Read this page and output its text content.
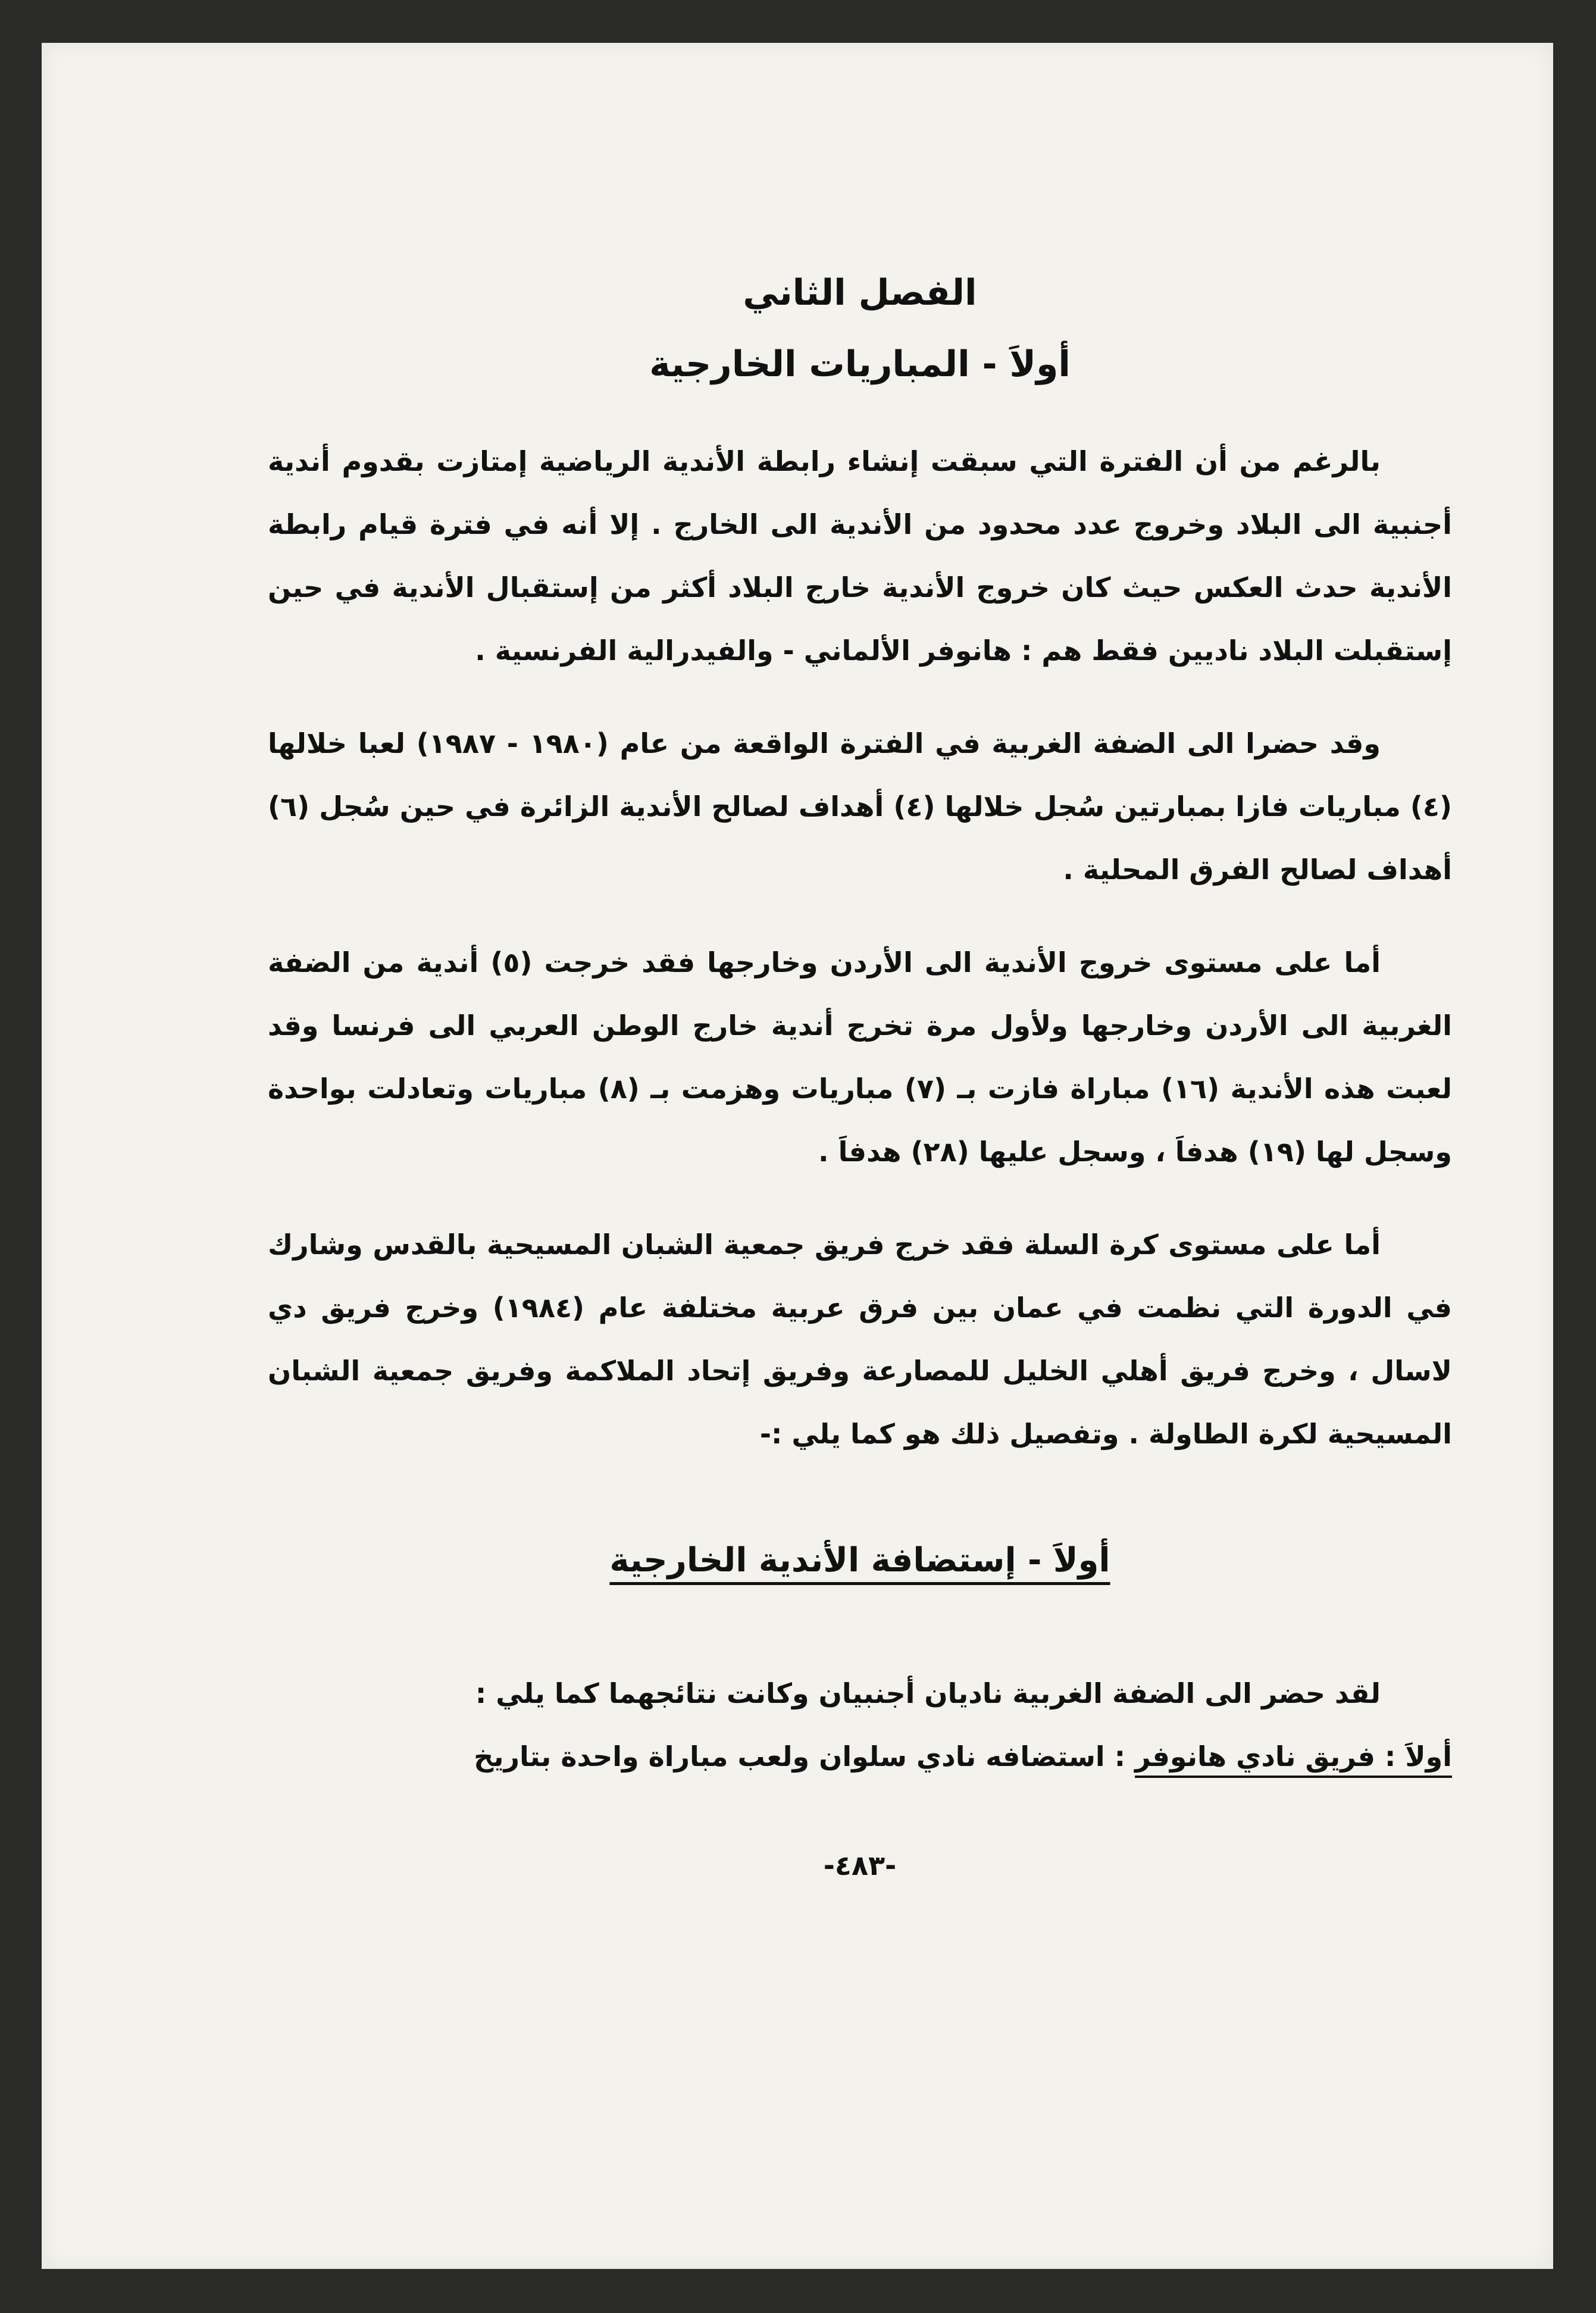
الفصل الثاني
أولاَ - المباريات الخارجية

بالرغم من أن الفترة التي سبقت إنشاء رابطة الأندية الرياضية إمتازت بقدوم أندية أجنبية الى البلاد وخروج عدد محدود من الأندية الى الخارج . إلا أنه في فترة قيام رابطة الأندية حدث العكس حيث كان خروج الأندية خارج البلاد أكثر من إستقبال الأندية في حين إستقبلت البلاد ناديين فقط هم : هانوفر الألماني - والفيدرالية الفرنسية .

وقد حضرا الى الضفة الغربية في الفترة الواقعة من عام (١٩٨٠ - ١٩٨٧) لعبا خلالها (٤) مباريات فازا بمبارتين سُجل خلالها (٤) أهداف لصالح الأندية الزائرة في حين سُجل (٦) أهداف لصالح الفرق المحلية .

أما على مستوى خروج الأندية الى الأردن وخارجها فقد خرجت (٥) أندية من الضفة الغربية الى الأردن وخارجها ولأول مرة تخرج أندية خارج الوطن العربي الى فرنسا وقد لعبت هذه الأندية (١٦) مباراة فازت بـ (٧) مباريات وهزمت بـ (٨) مباريات وتعادلت بواحدة وسجل لها (١٩) هدفاَ ، وسجل عليها (٢٨) هدفاَ .

أما على مستوى كرة السلة فقد خرج فريق جمعية الشبان المسيحية بالقدس وشارك في الدورة التي نظمت في عمان بين فرق عربية مختلفة عام (١٩٨٤) وخرج فريق دي لاسال ، وخرج فريق أهلي الخليل للمصارعة وفريق إتحاد الملاكمة وفريق جمعية الشبان المسيحية لكرة الطاولة . وتفصيل ذلك هو كما يلي :-

أولاَ - إستضافة الأندية الخارجية

لقد حضر الى الضفة الغربية ناديان أجنبيان وكانت نتائجهما كما يلي :

أولاَ : فريق نادي هانوفر : استضافه نادي سلوان ولعب مباراة واحدة بتاريخ

-٤٨٣-
